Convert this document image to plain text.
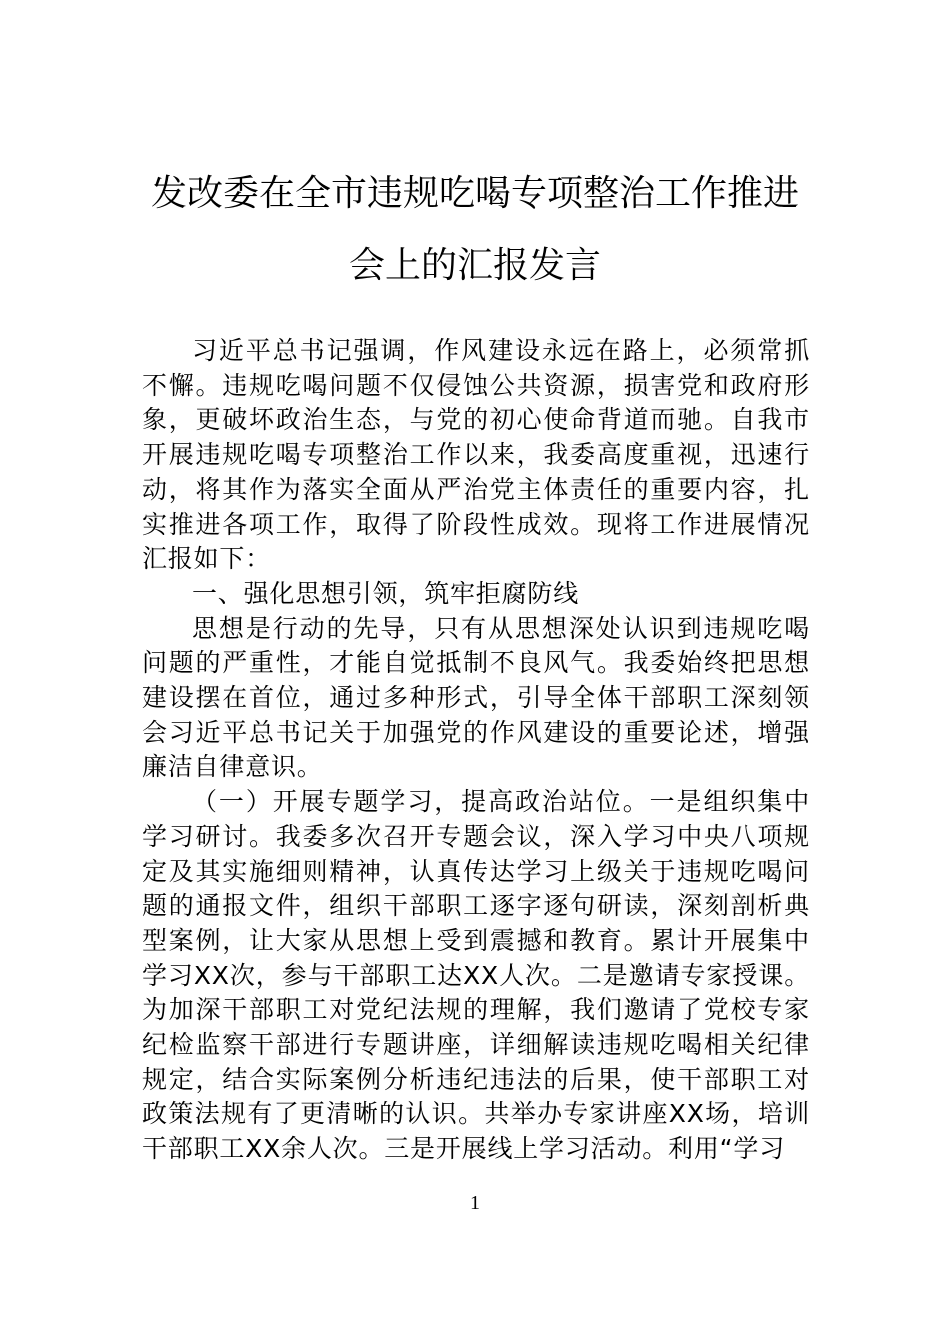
发改委在全市违规吃喝专项整治工作推进
会上的汇报发言

习近平总书记强调，作风建设永远在路上，必须常抓不懈。违规吃喝问题不仅侵蚀公共资源，损害党和政府形象，更破坏政治生态，与党的初心使命背道而驰。自我市开展违规吃喝专项整治工作以来，我委高度重视，迅速行动，将其作为落实全面从严治党主体责任的重要内容，扎实推进各项工作，取得了阶段性成效。现将工作进展情况汇报如下：

一、强化思想引领，筑牢拒腐防线

思想是行动的先导，只有从思想深处认识到违规吃喝问题的严重性，才能自觉抵制不良风气。我委始终把思想建设摆在首位，通过多种形式，引导全体干部职工深刻领会习近平总书记关于加强党的作风建设的重要论述，增强廉洁自律意识。

（一）开展专题学习，提高政治站位。一是组织集中学习研讨。我委多次召开专题会议，深入学习中央八项规定及其实施细则精神，认真传达学习上级关于违规吃喝问题的通报文件，组织干部职工逐字逐句研读，深刻剖析典型案例，让大家从思想上受到震撼和教育。累计开展集中学习XX次，参与干部职工达XX人次。二是邀请专家授课。为加深干部职工对党纪法规的理解，我们邀请了党校专家纪检监察干部进行专题讲座，详细解读违规吃喝相关纪律规定，结合实际案例分析违纪违法的后果，使干部职工对政策法规有了更清晰的认识。共举办专家讲座XX场，培训干部职工XX余人次。三是开展线上学习活动。利用“学习

1
